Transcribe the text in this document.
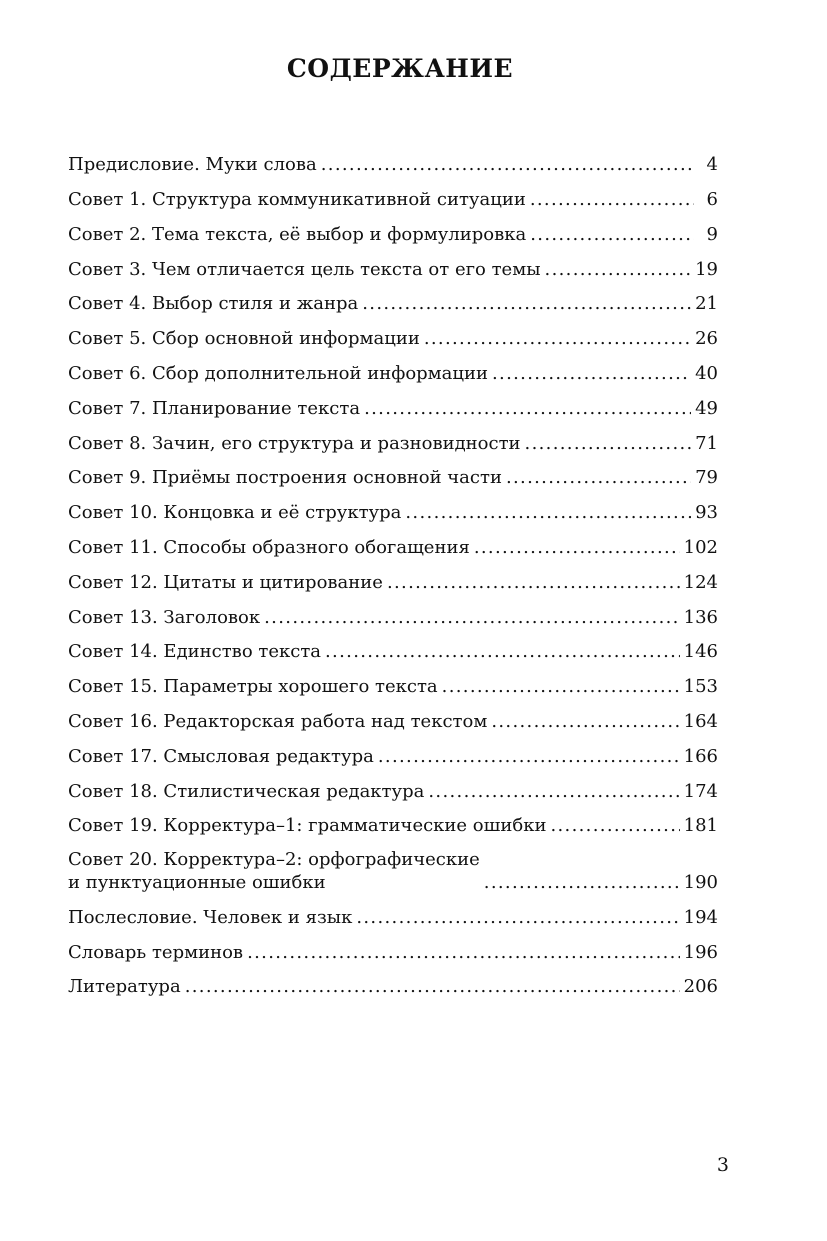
СОДЕРЖАНИЕ
Предисловие. Муки слова . . .	4
Совет 1. Структура коммуникативной ситуации . . .	6
Совет 2. Тема текста, её выбор и формулировка . . .	9
Совет 3. Чем отличается цель текста от его темы . . .	19
Совет 4. Выбор стиля и жанра . . .	21
Совет 5. Сбор основной информации . . .	26
Совет 6. Сбор дополнительной информации . . .	40
Совет 7. Планирование текста . . .	49
Совет 8. Зачин, его структура и разновидности . . .	71
Совет 9. Приёмы построения основной части . . .	79
Совет 10. Концовка и её структура . . .	93
Совет 11. Способы образного обогащения . . .	102
Совет 12. Цитаты и цитирование . . .	124
Совет 13. Заголовок . . .	136
Совет 14. Единство текста . . .	146
Совет 15. Параметры хорошего текста . . .	153
Совет 16. Редакторская работа над текстом . . .	164
Совет 17. Смысловая редактура . . .	166
Совет 18. Стилистическая редактура . . .	174
Совет 19. Корректура–1: грамматические ошибки . . .	181
Совет 20. Корректура–2: орфографические
и пунктуационные ошибки . . .	190
Послесловие. Человек и язык . . .	194
Словарь терминов . . .	196
Литература . . .	206

3
